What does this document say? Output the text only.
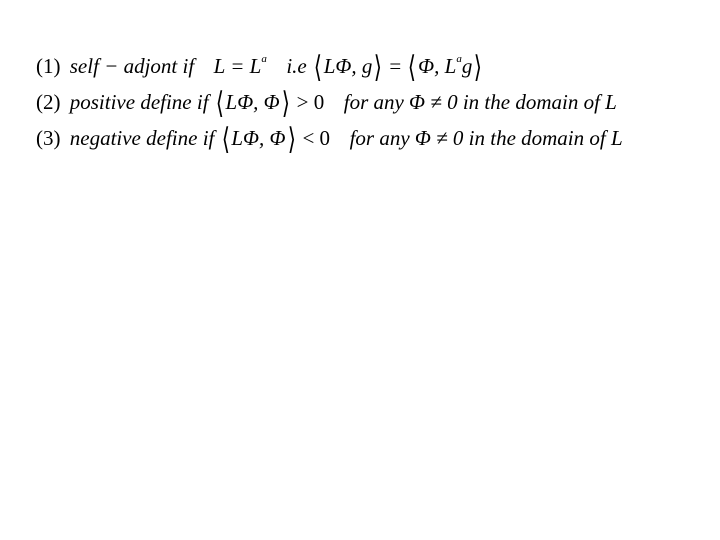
(1) self − adjont if $L = L^a$ i.e ⟨LΦ, g⟩ = ⟨Φ, $L^ag⟩$
(2) positive define if ⟨LΦ, Φ⟩ > 0 for any Φ ≠ 0 in the domain of L
(3) negative define if ⟨LΦ, Φ⟩ < 0 for any Φ ≠ 0 in the domain of L
